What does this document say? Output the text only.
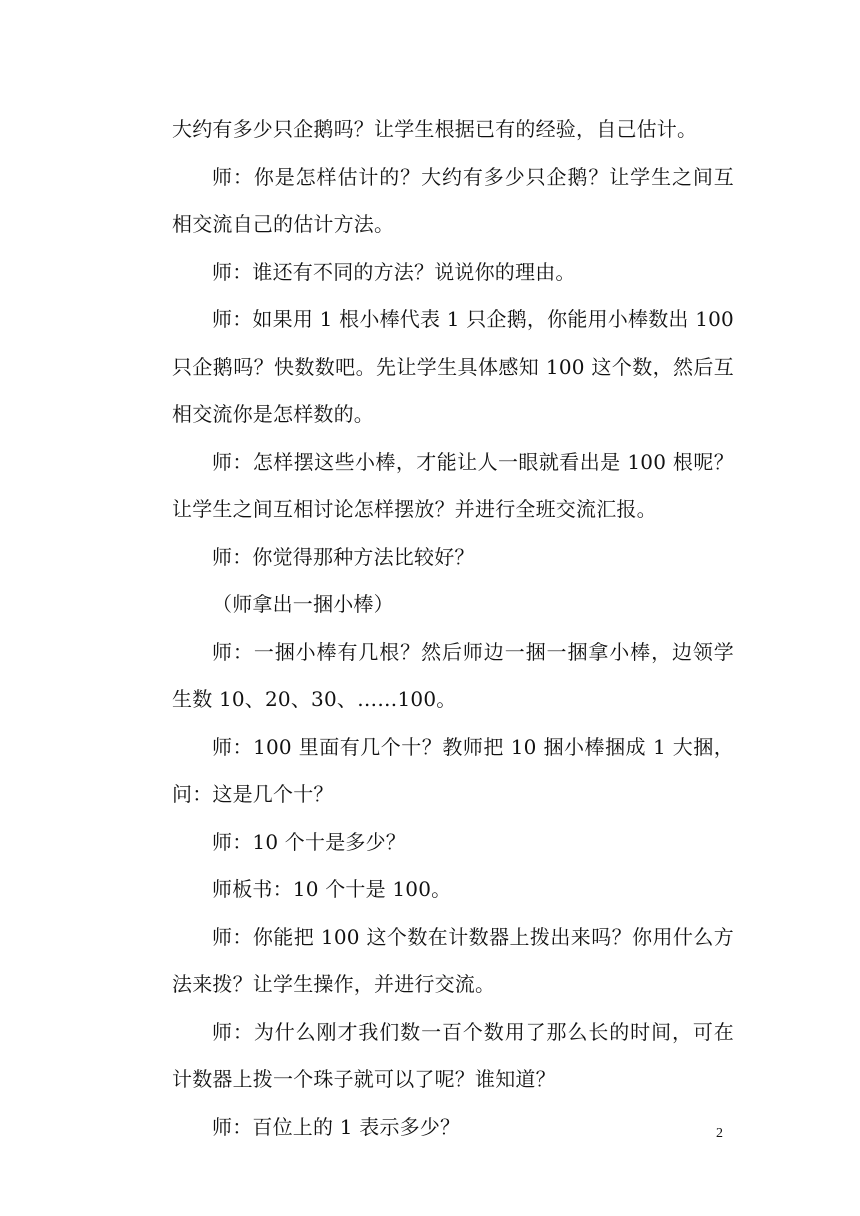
大约有多少只企鹅吗？让学生根据已有的经验，自己估计。

师：你是怎样估计的？大约有多少只企鹅？让学生之间互相交流自己的估计方法。

师：谁还有不同的方法？说说你的理由。

师：如果用 1 根小棒代表 1 只企鹅，你能用小棒数出 100 只企鹅吗？快数数吧。先让学生具体感知 100 这个数，然后互相交流你是怎样数的。

师：怎样摆这些小棒，才能让人一眼就看出是 100 根呢？让学生之间互相讨论怎样摆放？并进行全班交流汇报。

师：你觉得那种方法比较好？

（师拿出一捆小棒）

师：一捆小棒有几根？然后师边一捆一捆拿小棒，边领学生数 10、20、30、……100。

师：100 里面有几个十？教师把 10 捆小棒捆成 1 大捆，问：这是几个十？

师：10 个十是多少？

师板书：10 个十是 100。

师：你能把 100 这个数在计数器上拨出来吗？你用什么方法来拨？让学生操作，并进行交流。

师：为什么刚才我们数一百个数用了那么长的时间，可在计数器上拨一个珠子就可以了呢？谁知道？

师：百位上的 1 表示多少？	2
